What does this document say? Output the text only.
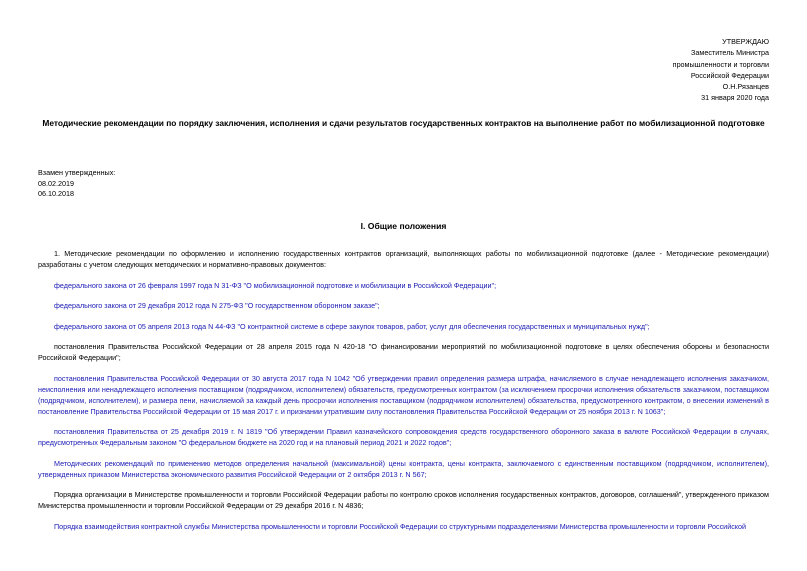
УТВЕРЖДАЮ
Заместитель Министра
промышленности и торговли
Российской Федерации
О.Н.Рязанцев
31 января 2020 года
Методические рекомендации по порядку заключения, исполнения и сдачи результатов государственных контрактов на выполнение работ по мобилизационной подготовке
Взамен утвержденных:
08.02.2019
06.10.2018
I. Общие положения

1. Методические рекомендации по оформлению и исполнению государственных контрактов организаций, выполняющих работы по мобилизационной подготовке (далее - Методические рекомендации) разработаны с учетом следующих методических и нормативно-правовых документов:

федерального закона от 26 февраля 1997 года N 31-ФЗ "О мобилизационной подготовке и мобилизации в Российской Федерации";

федерального закона от 29 декабря 2012 года N 275-ФЗ "О государственном оборонном заказе";

федерального закона от 05 апреля 2013 года N 44-ФЗ "О контрактной системе в сфере закупок товаров, работ, услуг для обеспечения государственных и муниципальных нужд";

постановления Правительства Российской Федерации от 28 апреля 2015 года N 420-18 "О финансировании мероприятий по мобилизационной подготовке в целях обеспечения обороны и безопасности Российской Федерации";

постановления Правительства Российской Федерации от 30 августа 2017 года N 1042 "Об утверждении правил определения размера штрафа, начисляемого в случае ненадлежащего исполнения заказчиком, неисполнения или ненадлежащего исполнения поставщиком (подрядчиком, исполнителем) обязательств, предусмотренных контрактом (за исключением просрочки исполнения обязательств заказчиком, поставщиком (подрядчиком, исполнителем), и размера пени, начисляемой за каждый день просрочки исполнения поставщиком (подрядчиком исполнителем) обязательства, предусмотренного контрактом, о внесении изменений в постановление Правительства Российской Федерации от 15 мая 2017 г. и признании утратившим силу постановления Правительства Российской Федерации от 25 ноября 2013 г. N 1063";

постановления Правительства от 25 декабря 2019 г. N 1819 "Об утверждении Правил казначейского сопровождения средств государственного оборонного заказа в валюте Российской Федерации в случаях, предусмотренных Федеральным законом "О федеральном бюджете на 2020 год и на плановый период 2021 и 2022 годов";

Методических рекомендаций по применению методов определения начальной (максимальной) цены контракта, цены контракта, заключаемого с единственным поставщиком (подрядчиком, исполнителем), утвержденных приказом Министерства экономического развития Российской Федерации от 2 октября 2013 г. N 567;

Порядка организации в Министерстве промышленности и торговли Российской Федерации работы по контролю сроков исполнения государственных контрактов, договоров, соглашений", утвержденного приказом Министерства промышленности и торговли Российской Федерации от 29 декабря 2016 г. N 4836;

Порядка взаимодействия контрактной службы Министерства промышленности и торговли Российской Федерации со структурными подразделениями Министерства промышленности и торговли Российской
